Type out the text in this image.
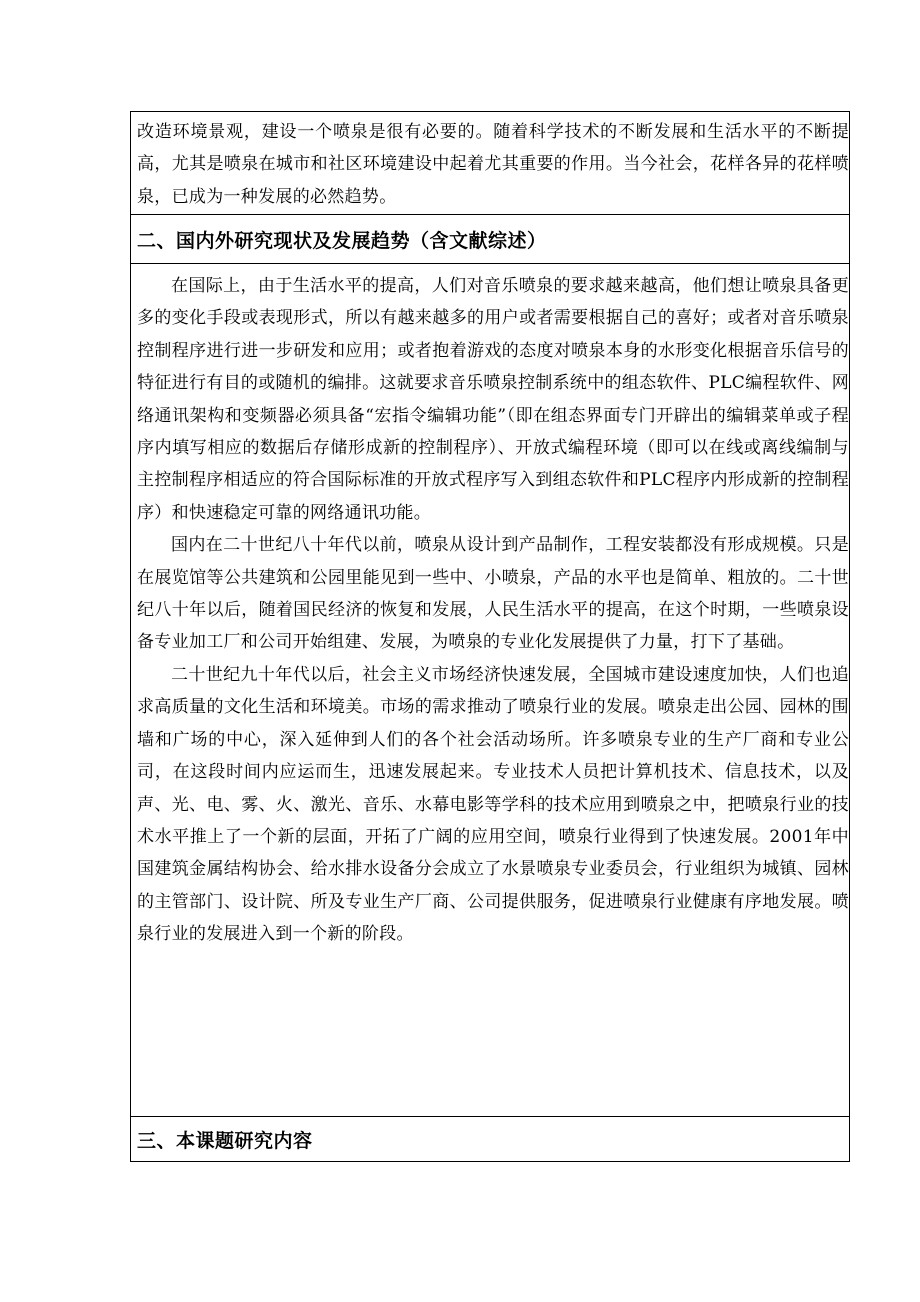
改造环境景观，建设一个喷泉是很有必要的。随着科学技术的不断发展和生活水平的不断提高，尤其是喷泉在城市和社区环境建设中起着尤其重要的作用。当今社会，花样各异的花样喷泉，已成为一种发展的必然趋势。

二、国内外研究现状及发展趋势（含文献综述）

在国际上，由于生活水平的提高，人们对音乐喷泉的要求越来越高，他们想让喷泉具备更多的变化手段或表现形式，所以有越来越多的用户或者需要根据自己的喜好；或者对音乐喷泉控制程序进行进一步研发和应用；或者抱着游戏的态度对喷泉本身的水形变化根据音乐信号的特征进行有目的或随机的编排。这就要求音乐喷泉控制系统中的组态软件、PLC编程软件、网络通讯架构和变频器必须具备“宏指令编辑功能”（即在组态界面专门开辟出的编辑菜单或子程序内填写相应的数据后存储形成新的控制程序）、开放式编程环境（即可以在线或离线编制与主控制程序相适应的符合国际标准的开放式程序写入到组态软件和PLC程序内形成新的控制程序）和快速稳定可靠的网络通讯功能。

国内在二十世纪八十年代以前，喷泉从设计到产品制作，工程安装都没有形成规模。只是在展览馆等公共建筑和公园里能见到一些中、小喷泉，产品的水平也是简单、粗放的。二十世纪八十年以后，随着国民经济的恢复和发展，人民生活水平的提高，在这个时期，一些喷泉设备专业加工厂和公司开始组建、发展，为喷泉的专业化发展提供了力量，打下了基础。

二十世纪九十年代以后，社会主义市场经济快速发展，全国城市建设速度加快，人们也追求高质量的文化生活和环境美。市场的需求推动了喷泉行业的发展。喷泉走出公园、园林的围墙和广场的中心，深入延伸到人们的各个社会活动场所。许多喷泉专业的生产厂商和专业公司，在这段时间内应运而生，迅速发展起来。专业技术人员把计算机技术、信息技术，以及声、光、电、雾、火、激光、音乐、水幕电影等学科的技术应用到喷泉之中，把喷泉行业的技术水平推上了一个新的层面，开拓了广阔的应用空间，喷泉行业得到了快速发展。2001年中国建筑金属结构协会、给水排水设备分会成立了水景喷泉专业委员会，行业组织为城镇、园林的主管部门、设计院、所及专业生产厂商、公司提供服务，促进喷泉行业健康有序地发展。喷泉行业的发展进入到一个新的阶段。

三、本课题研究内容
